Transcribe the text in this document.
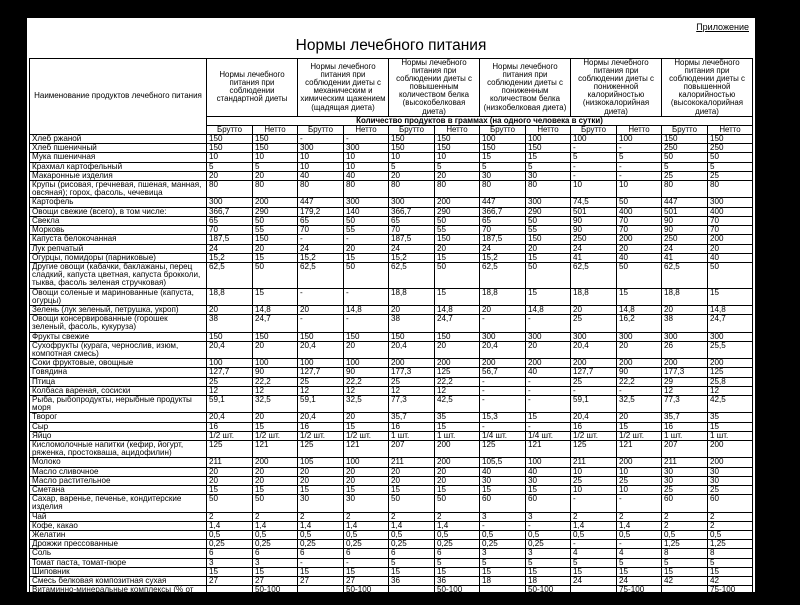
Приложение
Нормы лечебного питания
Наименование продуктов лечебного питания	Нормы лечебного питания при соблюдении стандартной диеты		Нормы лечебного питания при соблюдении диеты с механическим и химическим щажением (щадящая диета)		Нормы лечебного питания при соблюдении диеты с повышенным количеством белка (высокобелковая диета)		Нормы лечебного питания при соблюдении диеты с пониженным количеством белка (низкобелковая диета)		Нормы лечебного питания при соблюдении диеты с пониженной калорийностью (низкокалорийная диета)		Нормы лечебного питания при соблюдении диеты с повышенной калорийностью (высококалорийная диета)	
	Количество продуктов в граммах (на одного человека в сутки)											
	Брутто	Нетто	Брутто	Нетто	Брутто	Нетто	Брутто	Нетто	Брутто	Нетто	Брутто	Нетто
Хлеб ржаной	150	150	-	-	150	150	100	100	100	100	150	150
Хлеб пшеничный	150	150	300	300	150	150	150	150	-	-	250	250
Мука пшеничная	10	10	10	10	10	10	15	15	5	5	50	50
Крахмал картофельный	5	5	10	10	5	5	5	5	-	-	5	5
Макаронные изделия	20	20	40	40	20	20	30	30	-	-	25	25
Крупы (рисовая, гречневая, пшеная, манная, овсяная); горох, фасоль, чечевица	80	80	80	80	80	80	80	80	10	10	80	80
Картофель	300	200	447	300	300	200	447	300	74,5	50	447	300
Овощи свежие (всего), в том числе:	366,7	290	179,2	140	366,7	290	366,7	290	501	400	501	400
Свекла	65	50	65	50	65	50	65	50	90	70	90	70
Морковь	70	55	70	55	70	55	70	55	90	70	90	70
Капуста белокочанная	187,5	150	-	-	187,5	150	187,5	150	250	200	250	200
Лук репчатый	24	20	24	20	24	20	24	20	24	20	24	20
Огурцы, помидоры (парниковые)	15,2	15	15,2	15	15,2	15	15,2	15	41	40	41	40
Другие овощи (кабачки, баклажаны, перец сладкий, капуста цветная, капуста брокколи, тыква, фасоль зеленая стручковая)	62,5	50	62,5	50	62,5	50	62,5	50	62,5	50	62,5	50
Овощи соленые и маринованные (капуста, огурцы)	18,8	15	-	-	18,8	15	18,8	15	18,8	15	18,8	15
Зелень (лук зеленый, петрушка, укроп)	20	14,8	20	14,8	20	14,8	20	14,8	20	14,8	20	14,8
Овощи консервированные (горошек зеленый, фасоль, кукуруза)	38	24,7	-	-	38	24,7	-	-	25	16,2	38	24,7
Фрукты свежие	150	150	150	150	150	150	300	300	300	300	300	300
Сухофрукты (курага, чернослив, изюм, компотная смесь)	20,4	20	20,4	20	20,4	20	20,4	20	20,4	20	26	25,5
Соки фруктовые, овощные	100	100	100	100	200	200	200	200	200	200	200	200
Говядина	127,7	90	127,7	90	177,3	125	56,7	40	127,7	90	177,3	125
Птица	25	22,2	25	22,2	25	22,2	-	-	25	22,2	29	25,8
Колбаса вареная, сосиски	12	12	12	12	12	12	-	-	-	-	12	12
Рыба, рыбопродукты, нерыбные продукты моря	59,1	32,5	59,1	32,5	77,3	42,5	-	-	59,1	32,5	77,3	42,5
Творог	20,4	20	20,4	20	35,7	35	15,3	15	20,4	20	35,7	35
Сыр	16	15	16	15	16	15	-	-	16	15	16	15
Яйцо	1/2 шт.	1/2 шт.	1/2 шт.	1/2 шт.	1 шт.	1 шт.	1/4 шт.	1/4 шт.	1/2 шт.	1/2 шт.	1 шт.	1 шт.
Кисломолочные напитки (кефир, йогурт, ряженка, простокваша, ацидофилин)	125	121	125	121	207	200	125	121	125	121	207	200
Молоко	211	200	105	100	211	200	105,5	100	211	200	211	200
Масло сливочное	20	20	20	20	20	20	40	40	10	10	30	30
Масло растительное	20	20	20	20	20	20	30	30	25	25	30	30
Сметана	15	15	15	15	15	15	15	15	10	10	25	25
Сахар, варенье, печенье, кондитерские изделия	50	50	30	30	50	50	60	60	-	-	60	60
Чай	2	2	2	2	2	2	3	3	2	2	2	2
Кофе, какао	1,4	1,4	1,4	1,4	1,4	1,4	-	-	1,4	1,4	2	2
Желатин	0,5	0,5	0,5	0,5	0,5	0,5	0,5	0,5	0,5	0,5	0,5	0,5
Дрожжи прессованные	0,25	0,25	0,25	0,25	0,25	0,25	0,25	0,25	-	-	1,25	1,25
Соль	6	6	6	6	6	6	3	3	4	4	8	8
Томат паста, томат-пюре	3	3	-	-	5	5	5	5	5	5	5	5
Шиповник	15	15	15	15	15	15	15	15	15	15	15	15
Смесь белковая композитная сухая	27	27	27	27	36	36	18	18	24	24	42	42
Витаминно-минеральные комплексы (% от физиологической нормы)		50-100		50-100		50-100		50-100		75-100		75-100
